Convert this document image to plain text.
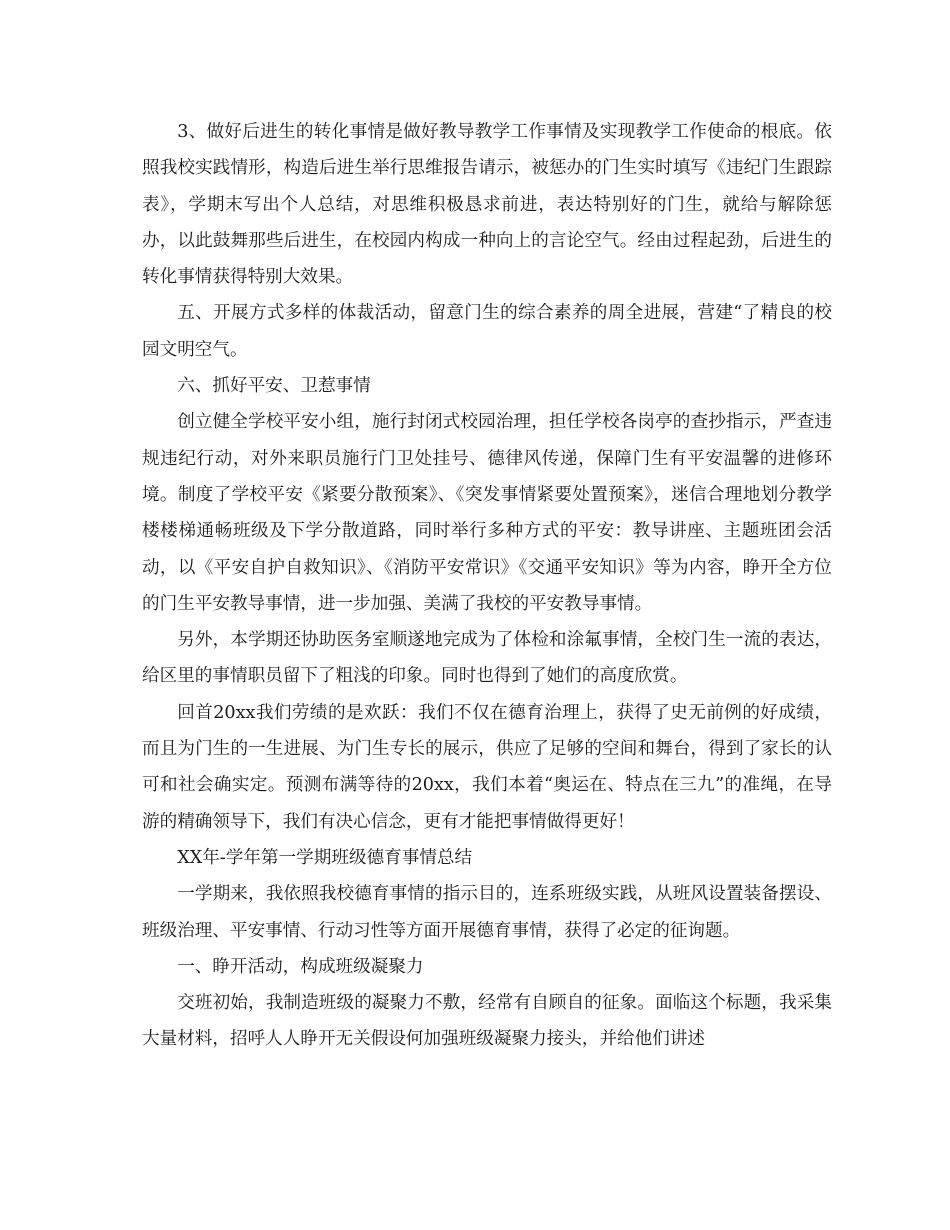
3、做好后进生的转化事情是做好教导教学工作事情及实现教学工作使命的根底。依照我校实践情形，构造后进生举行思维报告请示，被惩办的门生实时填写《违纪门生跟踪表》，学期末写出个人总结，对思维积极恳求前进，表达特别好的门生，就给与解除惩办，以此鼓舞那些后进生，在校园内构成一种向上的言论空气。经由过程起劲，后进生的转化事情获得特别大效果。

五、开展方式多样的体裁活动，留意门生的综合素养的周全进展，营建“了精良的校园文明空气。

六、抓好平安、卫惹事情

创立健全学校平安小组，施行封闭式校园治理，担任学校各岗亭的查抄指示，严查违规违纪行动，对外来职员施行门卫处挂号、德律风传递，保障门生有平安温馨的进修环境。制度了学校平安《紧要分散预案》、《突发事情紧要处置预案》，迷信合理地划分教学楼楼梯通畅班级及下学分散道路，同时举行多种方式的平安：教导讲座、主题班团会活动，以《平安自护自救知识》、《消防平安常识》《交通平安知识》等为内容，睁开全方位的门生平安教导事情，进一步加强、美满了我校的平安教导事情。

另外，本学期还协助医务室顺遂地完成为了体检和涂氟事情，全校门生一流的表达，给区里的事情职员留下了粗浅的印象。同时也得到了她们的高度欣赏。

回首20xx我们劳绩的是欢跃：我们不仅在德育治理上，获得了史无前例的好成绩，而且为门生的一生进展、为门生专长的展示，供应了足够的空间和舞台，得到了家长的认可和社会确实定。预测布满等待的20xx，我们本着“奥运在、特点在三九”的准绳，在导游的精确领导下，我们有决心信念，更有才能把事情做得更好！

XX年-学年第一学期班级德育事情总结

一学期来，我依照我校德育事情的指示目的，连系班级实践，从班风设置装备摆设、班级治理、平安事情、行动习性等方面开展德育事情，获得了必定的征询题。

一、睁开活动，构成班级凝聚力

交班初始，我制造班级的凝聚力不敷，经常有自顾自的征象。面临这个标题，我采集大量材料，招呼人人睁开无关假设何加强班级凝聚力接头，并给他们讲述
